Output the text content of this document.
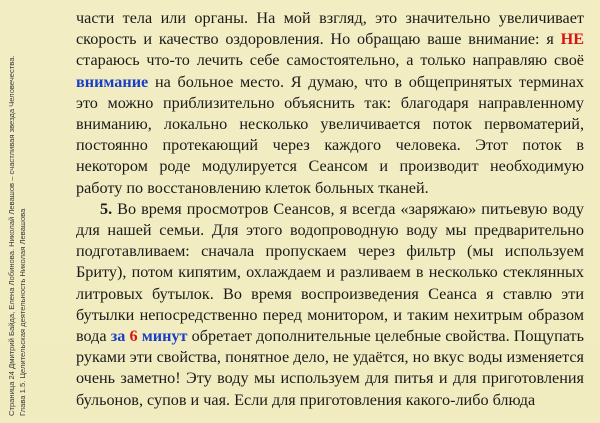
Страница 24 Дмитрий Байда, Елена Лобинова. Николай Левашов – счастливая звезда Человечества. Глава 1.5. Целительская деятельность Николая Левашова

части тела или органы. На мой взгляд, это значительно увеличивает скорость и качество оздоровления. Но обращаю ваше внимание: я НЕ стараюсь что-то лечить себе самостоятельно, а только направляю своё внимание на больное место. Я думаю, что в общепринятых терминах это можно приблизительно объяснить так: благодаря направленному вниманию, локально несколько увеличивается поток первоматерий, постоянно протекающий через каждого человека. Этот поток в некотором роде модулируется Сеансом и производит необходимую работу по восстановлению клеток больных тканей.

5. Во время просмотров Сеансов, я всегда «заряжаю» питьевую воду для нашей семьи. Для этого водопроводную воду мы предварительно подготавливаем: сначала пропускаем через фильтр (мы используем Бриту), потом кипятим, охлаждаем и разливаем в несколько стеклянных литровых бутылок. Во время воспроизведения Сеанса я ставлю эти бутылки непосредственно перед монитором, и таким нехитрым образом вода за 6 минут обретает дополнительные целебные свойства. Пощупать руками эти свойства, понятное дело, не удаётся, но вкус воды изменяется очень заметно! Эту воду мы используем для питья и для приготовления бульонов, супов и чая. Если для приготовления какого-либо блюда
